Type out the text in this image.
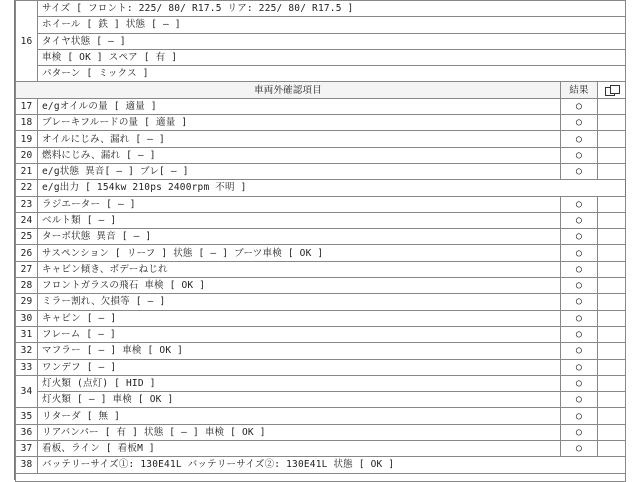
16	サイズ [ フロント: 225/ 80/ R17.5 リア: 225/ 80/ R17.5 ]		
	ホイール [ 鉄 ] 状態 [ ― ]		
	タイヤ状態 [ ― ]		
	車検 [ OK ] スペア [ 有 ]		
	パターン [ ミックス ]		
車両外確認項目		結果	
17	e/gオイルの量 [ 適量 ]	○	
18	ブレーキフルードの量 [ 適量 ]	○	
19	オイルにじみ、漏れ [ ― ]	○	
20	燃料にじみ、漏れ [ ― ]	○	
21	e/g状態 異音[ ― ] ブレ[ ― ]	○	
22	e/g出力 [ 154kw 210ps 2400rpm 不明 ]		
23	ラジエーター [ ― ]	○	
24	ベルト類 [ ― ]	○	
25	ターボ状態 異音 [ ― ]	○	
26	サスペンション [ リーフ ] 状態 [ ― ] ブーツ車検 [ OK ]	○	
27	キャビン傾き、ボデーねじれ	○	
28	フロントガラスの飛石 車検 [ OK ]	○	
29	ミラー割れ、欠損等 [ ― ]	○	
30	キャビン [ ― ]	○	
31	フレーム [ ― ]	○	
32	マフラー [ ― ] 車検 [ OK ]	○	
33	ワンデフ [ ― ]	○	
34	灯火類 (点灯) [ HID ]	○	
	灯火類 [ ― ] 車検 [ OK ]	○	
35	リターダ [ 無 ]	○	
36	リアバンパー [ 有 ] 状態 [ ― ] 車検 [ OK ]	○	
37	看板、ライン [ 看板M ]	○	
38	バッテリーサイズ①: 130E41L バッテリーサイズ②: 130E41L 状態 [ OK ]		
